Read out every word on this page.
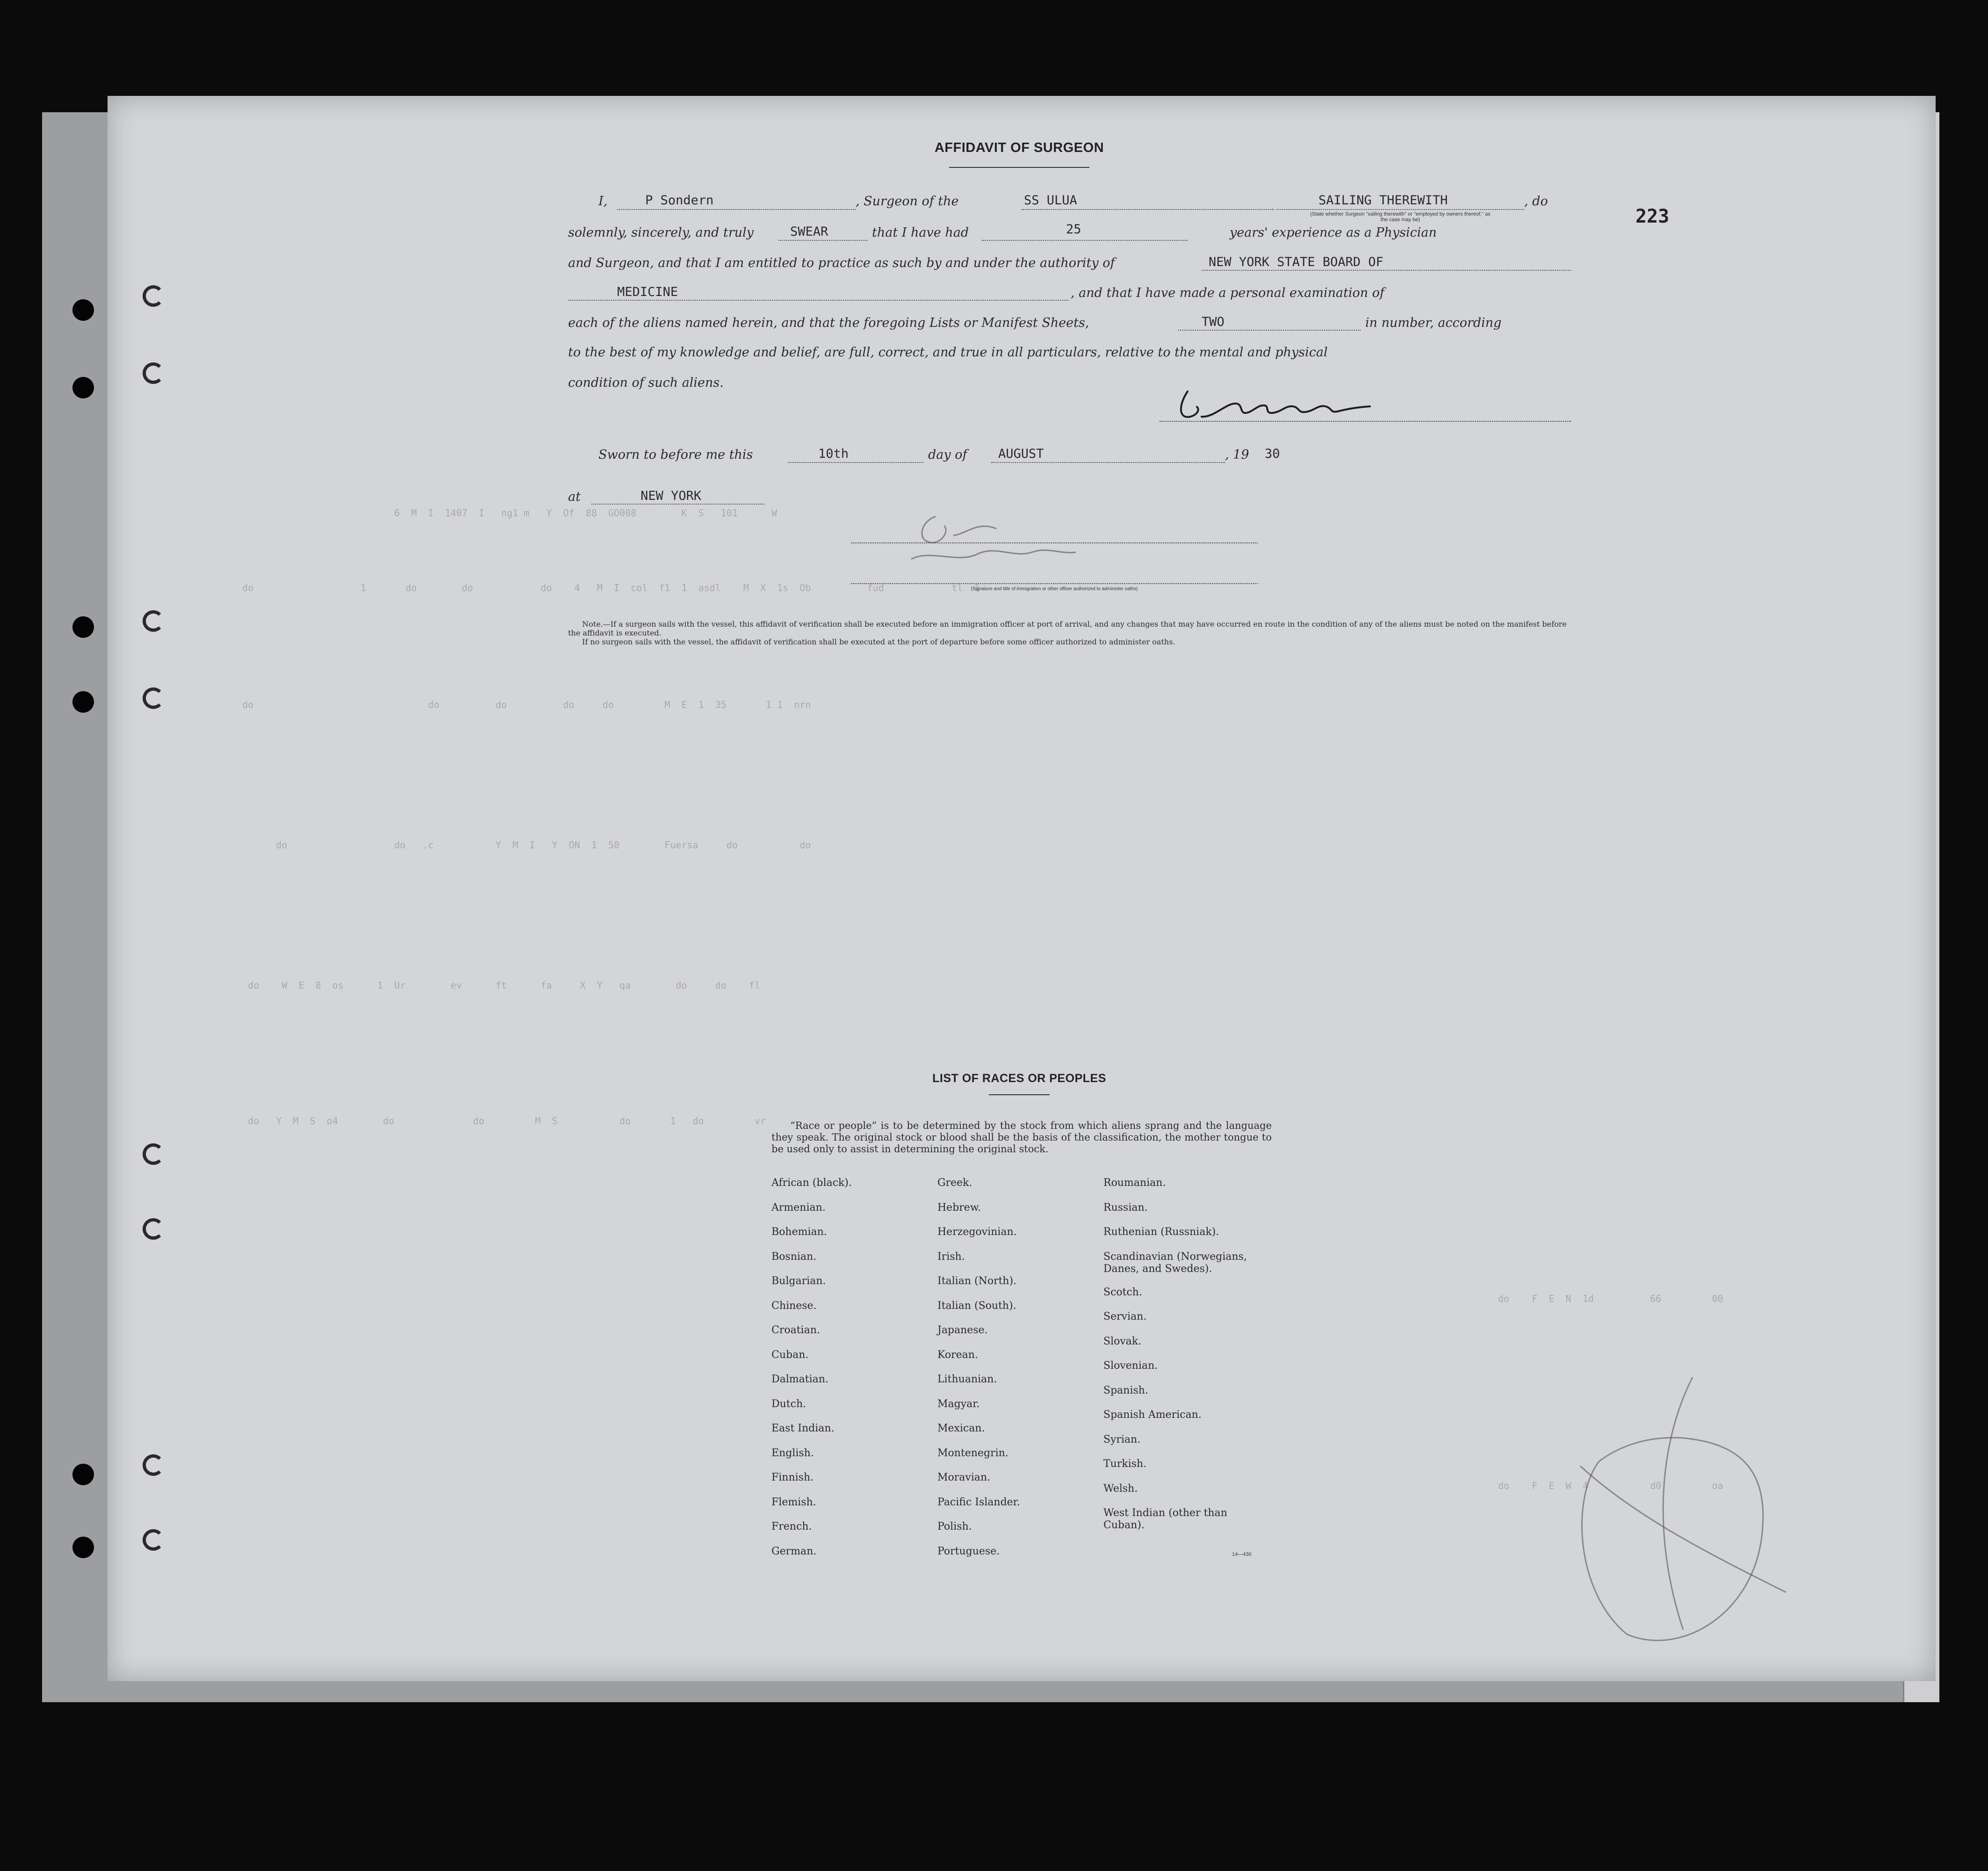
6  M  I  1407  I   ng1 m   Y  Of  88  GO008        K  S   101      W
do                   1       do        do            do    4   M  I  col  f1  1  asdl    M  X  1s  Ob          fud            tl  1
do                               do          do          do     do         M  E  1  35       1 1  nrn
do                   do   .c           Y  M  I   Y  ON  1  50        Fuersa     do           do
do    W  E  8  os      1  Ur        ev      ft      fa     X  Y   qa        do     do    fl
do   Y  M  S  o4        do              do         M  S           do       1   do         vr
do    F  E  N  1d          66         00
do    F  E  W  4           d0         oa
223
AFFIDAVIT OF SURGEON
I,	P Sondern	, Surgeon of the	SS ULUA	SAILING THEREWITH	, do
(State whether Surgeon "sailing therewith" or "employed by owners thereof," as the case may be)
solemnly, sincerely, and truly	SWEAR	that I have had	25	years' experience as a Physician
and Surgeon, and that I am entitled to practice as such by and under the authority of	NEW YORK STATE BOARD OF
MEDICINE	, and that I have made a personal examination of
each of the aliens named herein, and that the foregoing Lists or Manifest Sheets,	TWO	in number, according
to the best of my knowledge and belief, are full, correct, and true in all particulars, relative to the mental and physical
condition of such aliens.
Sworn to before me this	10th	day of AUGUST	, 19 30
at	NEW YORK
(Signature and title of immigration or other officer authorized to administer oaths)
Note.—If a surgeon sails with the vessel, this affidavit of verification shall be executed before an immigration officer at port of arrival, and any changes that may have occurred en route in the condition of any of the aliens must be noted on the manifest before the affidavit is executed.
If no surgeon sails with the vessel, the affidavit of verification shall be executed at the port of departure before some officer authorized to administer oaths.
LIST OF RACES OR PEOPLES
“Race or people” is to be determined by the stock from which aliens sprang and the language they speak. The original stock or blood shall be the basis of the classification, the mother tongue to be used only to assist in determining the original stock.
African (black).
Armenian.
Bohemian.
Bosnian.
Bulgarian.
Chinese.
Croatian.
Cuban.
Dalmatian.
Dutch.
East Indian.
English.
Finnish.
Flemish.
French.
German.
Greek.
Hebrew.
Herzegovinian.
Irish.
Italian (North).
Italian (South).
Japanese.
Korean.
Lithuanian.
Magyar.
Mexican.
Montenegrin.
Moravian.
Pacific Islander.
Polish.
Portuguese.
Roumanian.
Russian.
Ruthenian (Russniak).
Scandinavian (Norwegians, Danes, and Swedes).
Scotch.
Servian.
Slovak.
Slovenian.
Spanish.
Spanish American.
Syrian.
Turkish.
Welsh.
West Indian (other than Cuban).
14—430
